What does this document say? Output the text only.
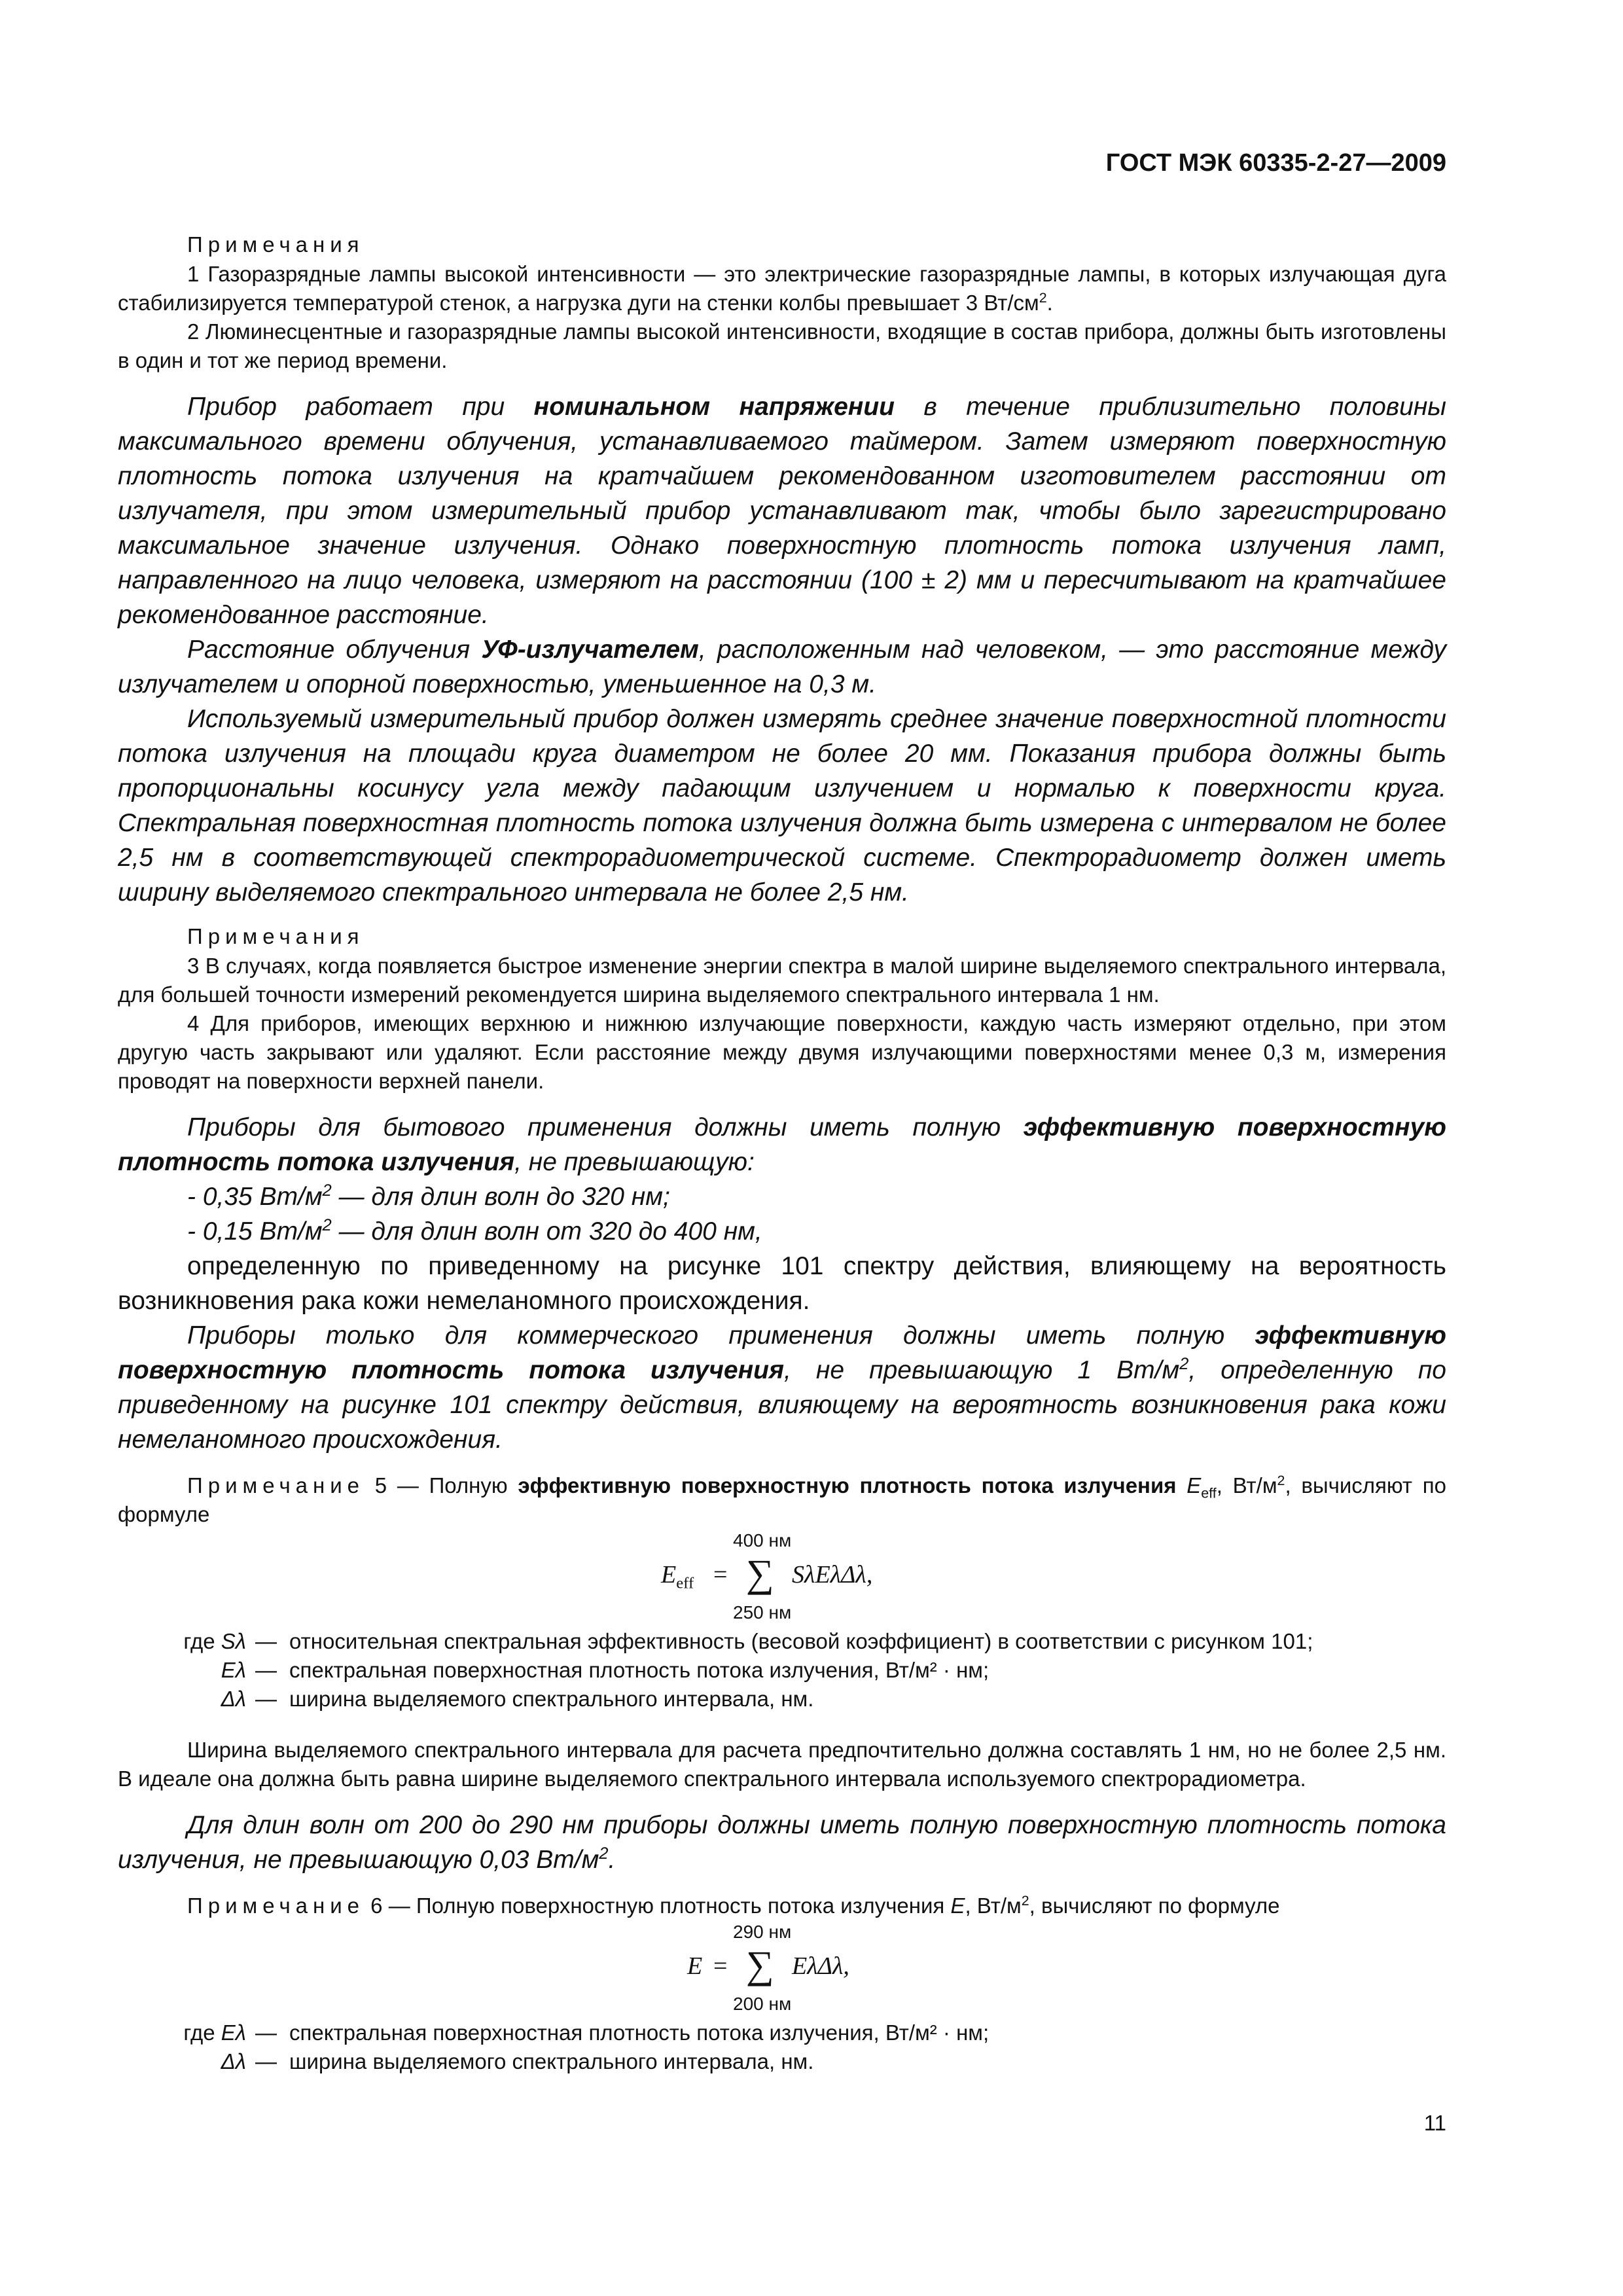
ГОСТ МЭК 60335-2-27—2009
Примечания

1 Газоразрядные лампы высокой интенсивности — это электрические газоразрядные лампы, в которых излучающая дуга стабилизируется температурой стенок, а нагрузка дуги на стенки колбы превышает 3 $Вт/см^2$.

2 Люминесцентные и газоразрядные лампы высокой интенсивности, входящие в состав прибора, должны быть изготовлены в один и тот же период времени.

Прибор работает при номинальном напряжении в течение приблизительно половины максимального времени облучения, устанавливаемого таймером. Затем измеряют поверхностную плотность потока излучения на кратчайшем рекомендованном изготовителем расстоянии от излучателя, при этом измерительный прибор устанавливают так, чтобы было зарегистрировано максимальное значение излучения. Однако поверхностную плотность потока излучения ламп, направленного на лицо человека, измеряют на расстоянии (100 ± 2) мм и пересчитывают на кратчайшее рекомендованное расстояние.

Расстояние облучения УФ-излучателем, расположенным над человеком, — это расстояние между излучателем и опорной поверхностью, уменьшенное на 0,3 м.

Используемый измерительный прибор должен измерять среднее значение поверхностной плотности потока излучения на площади круга диаметром не более 20 мм. Показания прибора должны быть пропорциональны косинусу угла между падающим излучением и нормалью к поверхности круга. Спектральная поверхностная плотность потока излучения должна быть измерена с интервалом не более 2,5 нм в соответствующей спектрорадиометрической системе. Спектрорадиометр должен иметь ширину выделяемого спектрального интервала не более 2,5 нм.

Примечания

3 В случаях, когда появляется быстрое изменение энергии спектра в малой ширине выделяемого спектрального интервала, для большей точности измерений рекомендуется ширина выделяемого спектрального интервала 1 нм.

4 Для приборов, имеющих верхнюю и нижнюю излучающие поверхности, каждую часть измеряют отдельно, при этом другую часть закрывают или удаляют. Если расстояние между двумя излучающими поверхностями менее 0,3 м, измерения проводят на поверхности верхней панели.

Приборы для бытового применения должны иметь полную эффективную поверхностную плотность потока излучения, не превышающую:

- 0,35 $Вт/м^2$ — для длин волн до 320 нм;

- 0,15 $Вт/м^2$ — для длин волн от 320 до 400 нм,

определенную по приведенному на рисунке 101 спектру действия, влияющему на вероятность возникновения рака кожи немеланомного происхождения.

Приборы только для коммерческого применения должны иметь полную эффективную поверхностную плотность потока излучения, не превышающую 1 $Вт/м^2$, определенную по приведенному на рисунке 101 спектру действия, влияющему на вероятность возникновения рака кожи немеланомного происхождения.

Примечание 5 — Полную эффективную поверхностную плотность потока излучения $E_{eff}$, $Вт/м^2$, вычисляют по формуле

$E_{eff}$ =
400 нм
∑
250 нм
SλEλΔλ,
где Sλ — относительная спектральная эффективность (весовой коэффициент) в соответствии с рисунком 101;
Eλ — спектральная поверхностная плотность потока излучения, Вт/м² · нм;
Δλ — ширина выделяемого спектрального интервала, нм.

Ширина выделяемого спектрального интервала для расчета предпочтительно должна составлять 1 нм, но не более 2,5 нм. В идеале она должна быть равна ширине выделяемого спектрального интервала используемого спектрорадиометра.

Для длин волн от 200 до 290 нм приборы должны иметь полную поверхностную плотность потока излучения, не превышающую 0,03 $Вт/м^2$.

Примечание 6 — Полную поверхностную плотность потока излучения E, $Вт/м^2$, вычисляют по формуле

E =
290 нм
∑
200 нм
EλΔλ,
где Eλ — спектральная поверхностная плотность потока излучения, Вт/м² · нм;
Δλ — ширина выделяемого спектрального интервала, нм.
11
